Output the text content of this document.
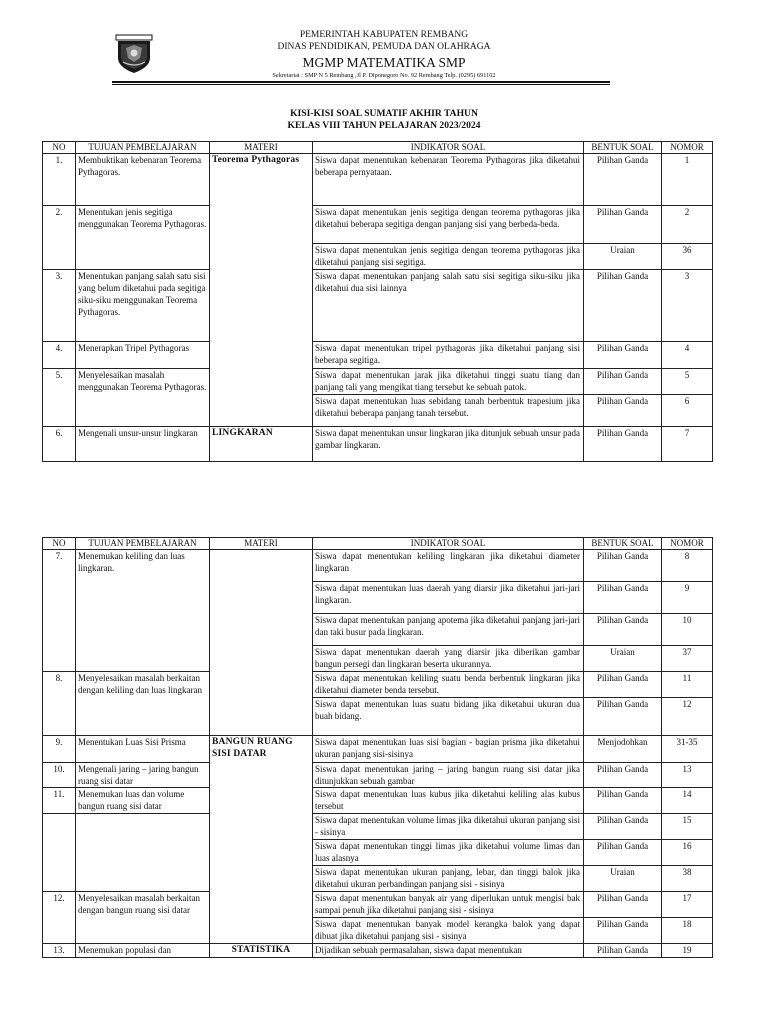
PEMERINTAH KABUPATEN REMBANG
DINAS PENDIDIKAN, PEMUDA DAN OLAHRAGA
MGMP MATEMATIKA SMP
Sekretariat : SMP N 5 Rembang ,Jl P. Diponegoro No. 92 Rembang Telp. (0295) 691102
KISI-KISI SOAL SUMATIF AKHIR TAHUN
KELAS VIII TAHUN PELAJARAN 2023/2024
NO	TUJUAN PEMBELAJARAN	MATERI	INDIKATOR SOAL	BENTUK SOAL	NOMOR
1.	Membuktikan kebenaran Teorema Pythagoras.	Teorema Pythagoras	Siswa dapat menentukan kebenaran Teorema Pythagoras jika diketahui beberapa pernyataan.	Pilihan Ganda	1
2.	Menentukan jenis segitiga menggunakan Teorema Pythagoras.		Siswa dapat menentukan jenis segitiga dengan teorema pythagoras jika diketahui beberapa segitiga dengan panjang sisi yang berbeda-beda.	Pilihan Ganda	2
			Siswa dapat menentukan jenis segitiga dengan teorema pythagoras jika diketahui panjang sisi segitiga.	Uraian	36
3.	Menentukan panjang salah satu sisi yang belum diketahui pada segitiga siku-siku menggunakan Teorema Pythagoras.		Siswa dapat menentukan panjang salah satu sisi segitiga siku-siku jika diketahui dua sisi lainnya	Pilihan Ganda	3
4.	Menerapkan Tripel Pythagoras		Siswa dapat menentukan tripel pythagoras jika diketahui panjang sisi beberapa segitiga.	Pilihan Ganda	4
5.	Menyelesaikan masalah menggunakan Teorema Pythagoras.		Siswa dapat menentukan jarak jika diketahui tinggi suatu tiang dan panjang tali yang mengikat tiang tersebut ke sebuah patok.	Pilihan Ganda	5
			Siswa dapat menentukan luas sebidang tanah berbentuk trapesium jika diketahui beberapa panjang tanah tersebut.	Pilihan Ganda	6
6.	Mengenali unsur-unsur lingkaran	LINGKARAN	Siswa dapat menentukan unsur lingkaran jika ditunjuk sebuah unsur pada gambar lingkaran.	Pilihan Ganda	7
NO	TUJUAN PEMBELAJARAN	MATERI	INDIKATOR SOAL	BENTUK SOAL	NOMOR
7.	Menemukan keliling dan luas lingkaran.		Siswa dapat menentukan keliling lingkaran jika diketahui diameter lingkaran	Pilihan Ganda	8
			Siswa dapat menentukan luas daerah yang diarsir jika diketahui jari-jari lingkaran.	Pilihan Ganda	9
			Siswa dapat menentukan panjang apotema jika diketahui panjang jari-jari dan taki busur pada lingkaran.	Pilihan Ganda	10
			Siswa dapat menentukan daerah yang diarsir jika diberikan gambar bangun persegi dan lingkaran beserta ukurannya.	Uraian	37
8.	Menyelesaikan masalah berkaitan dengan keliling dan luas lingkaran		Siswa dapat menentukan keliling suatu benda berbentuk lingkaran jika diketahui diameter benda tersebut.	Pilihan Ganda	11
			Siswa dapat menentukan luas suatu bidang jika diketahui ukuran dua buah bidang.	Pilihan Ganda	12
9.	Menentukan Luas Sisi Prisma	BANGUN RUANG SISI DATAR	Siswa dapat menentukan luas sisi bagian - bagian prisma jika diketahui ukuran panjang sisi-sisinya	Menjodohkan	31-35
10.	Mengenali jaring – jaring bangun ruang sisi datar		Siswa dapat menentukan jaring – jaring bangun ruang sisi datar jika ditunjukkan sebuah gambar	Pilihan Ganda	13
11.	Menemukan luas dan volume bangun ruang sisi datar		Siswa dapat menentukan luas kubus jika diketahui keliling alas kubus tersebut	Pilihan Ganda	14
			Siswa dapat menentukan volume limas jika diketahui ukuran panjang sisi - sisinya	Pilihan Ganda	15
			Siswa dapat menentukan tinggi limas jika diketahui volume limas dan luas alasnya	Pilihan Ganda	16
			Siswa dapat menentukan ukuran panjang, lebar, dan tinggi balok jika diketahui ukuran perbandingan panjang sisi - sisinya	Uraian	38
12.	Menyelesaikan masalah berkaitan dengan bangun ruang sisi datar		Siswa dapat menentukan banyak air yang diperlukan untuk mengisi bak sampai penuh jika diketahui panjang sisi - sisinya	Pilihan Ganda	17
			Siswa dapat menentukan banyak model kerangka balok yang dapat dibuat jika diketahui panjang sisi - sisinya	Pilihan Ganda	18
13.	Menemukan populasi dan	STATISTIKA	Dijadikan sebuah permasalahan, siswa dapat menentukan	Pilihan Ganda	19
